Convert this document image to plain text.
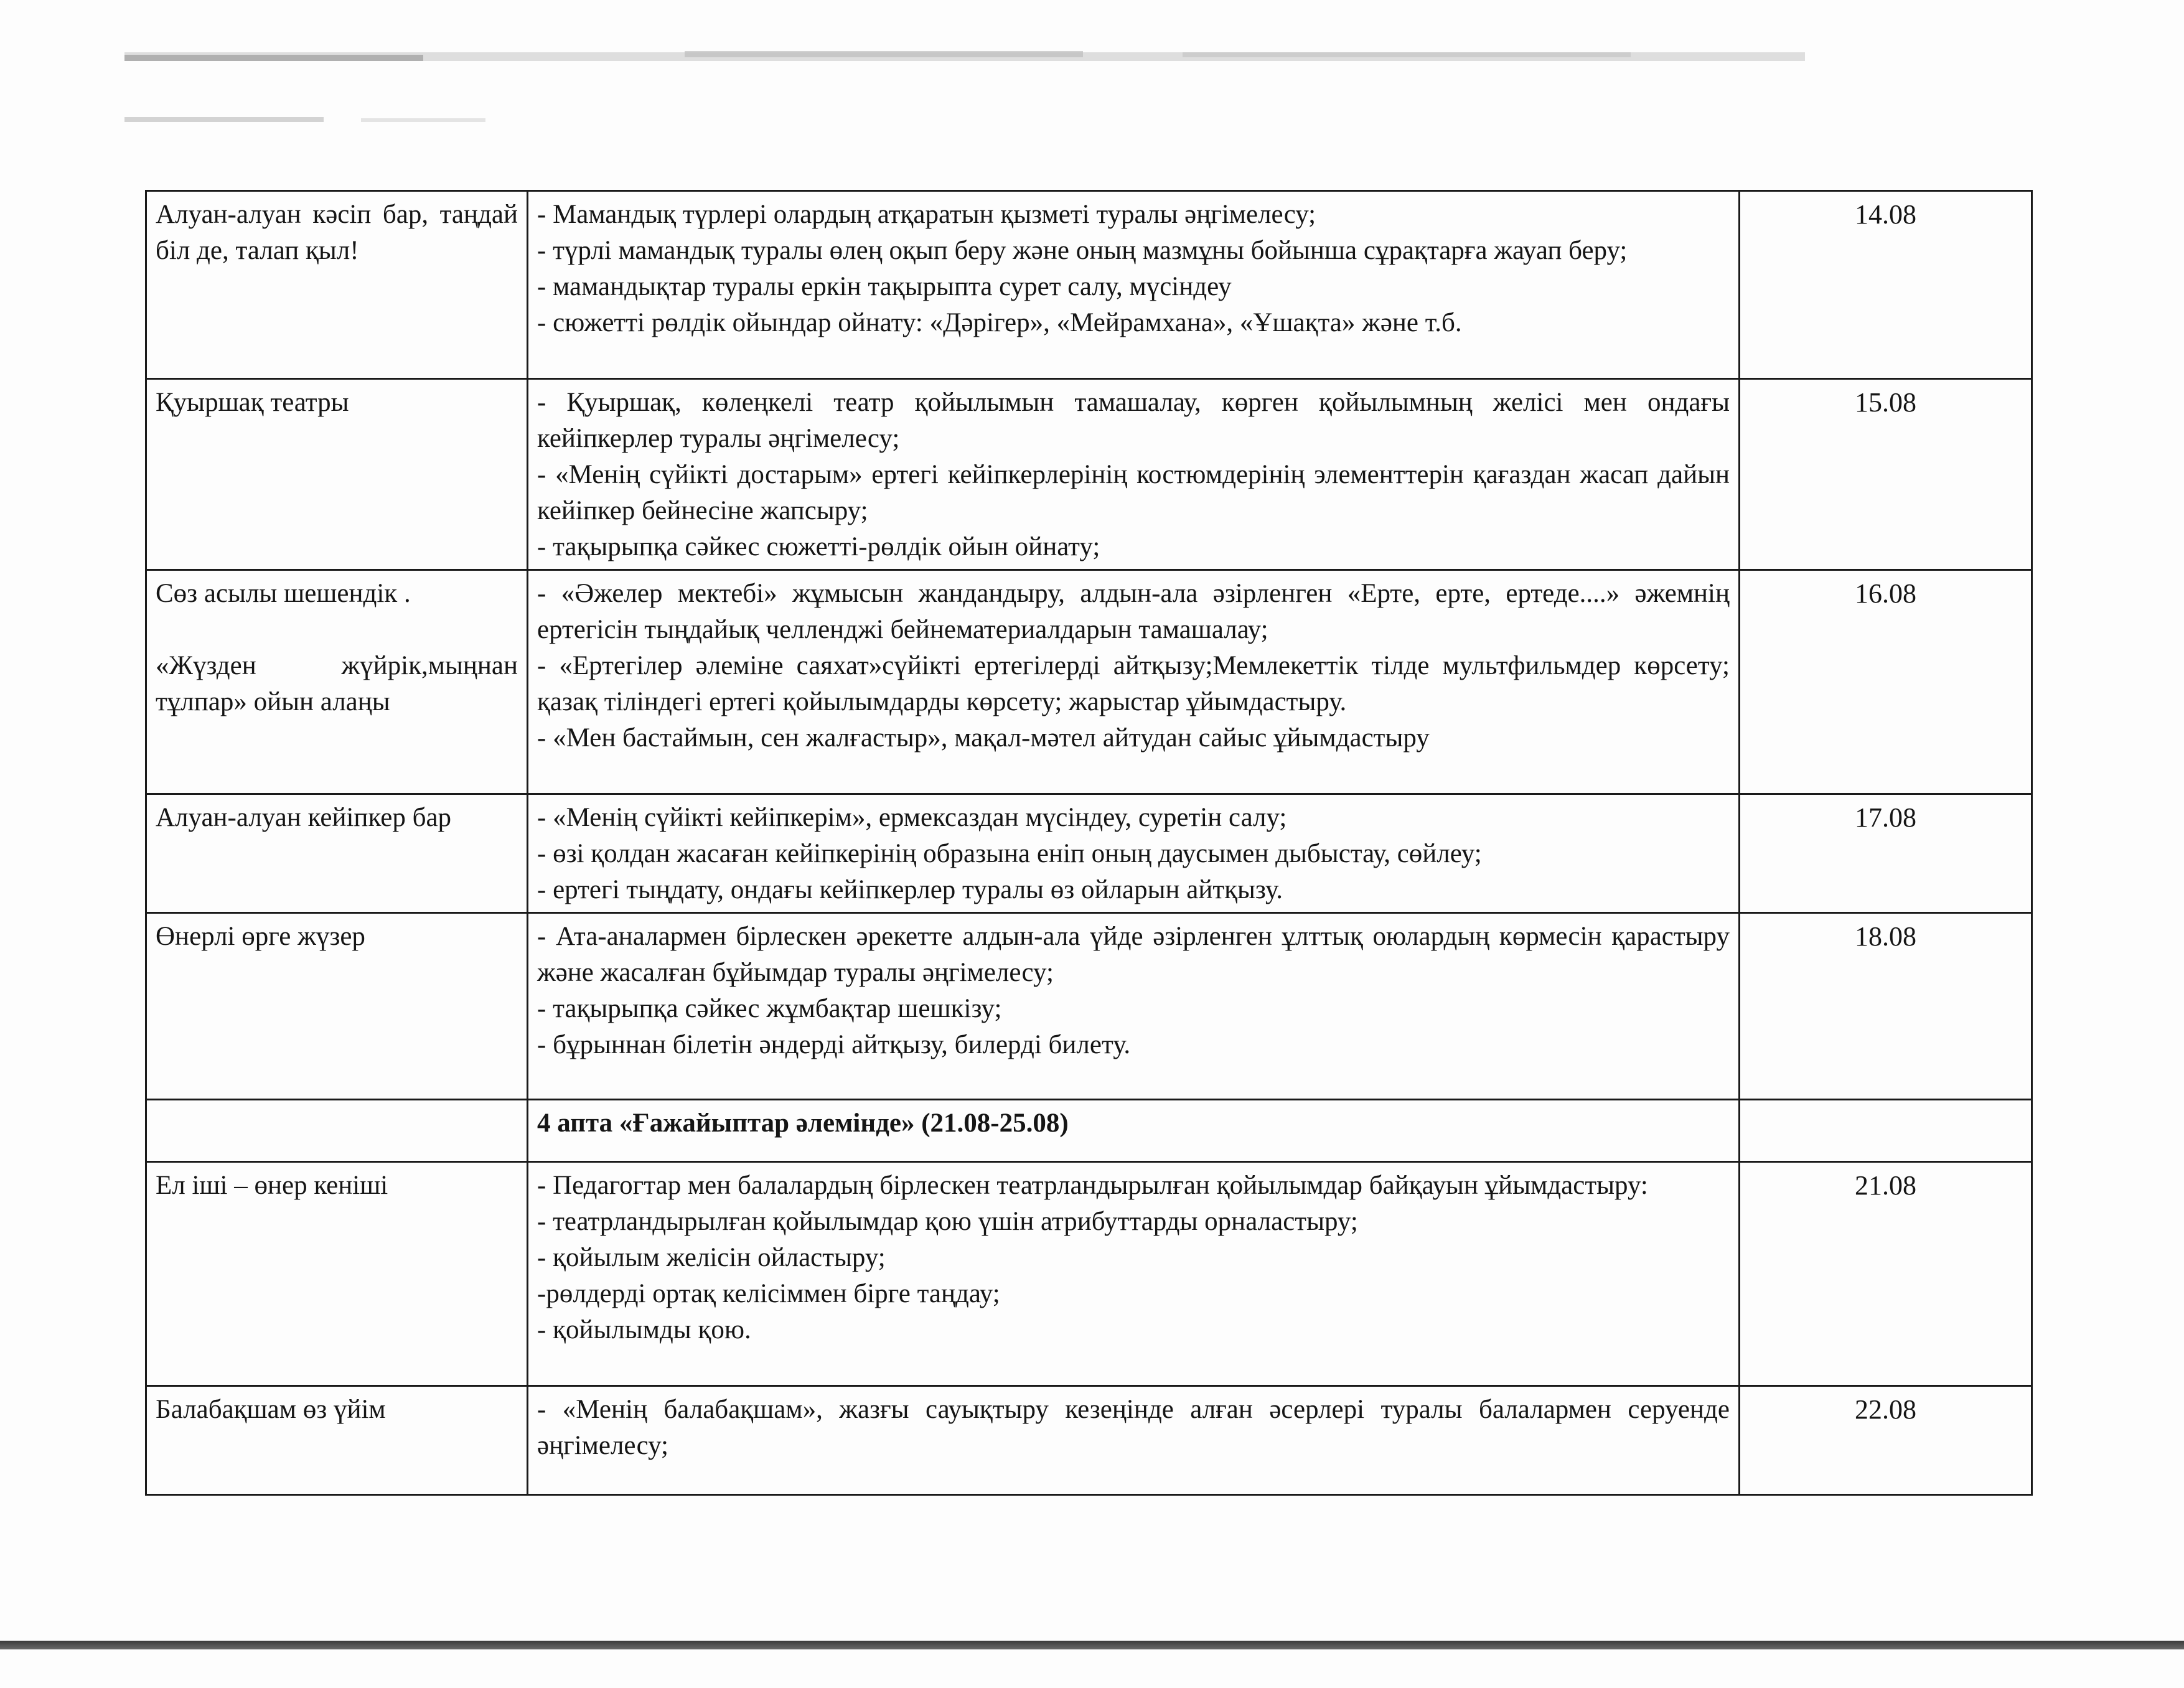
Алуан-алуан кәсіп бар, таңдай біл де, талап қыл!	- Мамандық түрлері олардың атқаратын қызметі туралы әңгімелесу;
- түрлі мамандық туралы өлең оқып беру және оның мазмұны бойынша сұрақтарға жауап беру;
- мамандықтар туралы еркін тақырыпта сурет салу, мүсіндеу
- сюжетті рөлдік ойындар ойнату: «Дәрігер», «Мейрамхана», «Ұшақта» және т.б.	14.08

Қуыршақ театры	- Қуыршақ, көлеңкелі театр қойылымын тамашалау, көрген қойылымның желісі мен ондағы кейіпкерлер туралы әңгімелесу;
- «Менің сүйікті достарым» ертегі кейіпкерлерінің костюмдерінің элементтерін қағаздан жасап дайын кейіпкер бейнесіне жапсыру;
- тақырыпқа сәйкес сюжетті-рөлдік ойын ойнату;	15.08

Сөз асылы шешендік .
«Жүзден жүйрік,мыңнан тұлпар» ойын алаңы	- «Әжелер мектебі» жұмысын жандандыру, алдын-ала әзірленген «Ерте, ерте, ертеде....» әжемнің ертегісін тыңдайық челленджі бейнематериалдарын тамашалау;
- «Ертегілер әлеміне саяхат»сүйікті ертегілерді айтқызу;Мемлекеттік тілде мультфильмдер көрсету; қазақ тіліндегі ертегі қойылымдарды көрсету; жарыстар ұйымдастыру.
- «Мен бастаймын, сен жалғастыр», мақал-мәтел айтудан сайыс ұйымдастыру	16.08

Алуан-алуан кейіпкер бар	- «Менің сүйікті кейіпкерім», ермексаздан мүсіндеу, суретін салу;
- өзі қолдан жасаған кейіпкерінің образына еніп оның даусымен дыбыстау, сөйлеу;
- ертегі тыңдату, ондағы кейіпкерлер туралы өз ойларын айтқызу.	17.08

Өнерлі өрге жүзер	- Ата-аналармен бірлескен әрекетте алдын-ала үйде әзірленген ұлттық оюлардың көрмесін қарастыру және жасалған бұйымдар туралы әңгімелесу;
- тақырыпқа сәйкес жұмбақтар шешкізу;
- бұрыннан білетін әндерді айтқызу, билерді билету.	18.08

	4 апта «Ғажайыптар әлемінде» (21.08-25.08)	

Ел іші – өнер кеніші	- Педагогтар мен балалардың бірлескен театрландырылған қойылымдар байқауын ұйымдастыру:
- театрландырылған қойылымдар қою үшін атрибуттарды орналастыру;
- қойылым желісін ойластыру;
-рөлдерді ортақ келісіммен бірге таңдау;
- қойылымды қою.	21.08

Балабақшам өз үйім	- «Менің балабақшам», жазғы сауықтыру кезеңінде алған әсерлері туралы балалармен серуенде әңгімелесу;	22.08
